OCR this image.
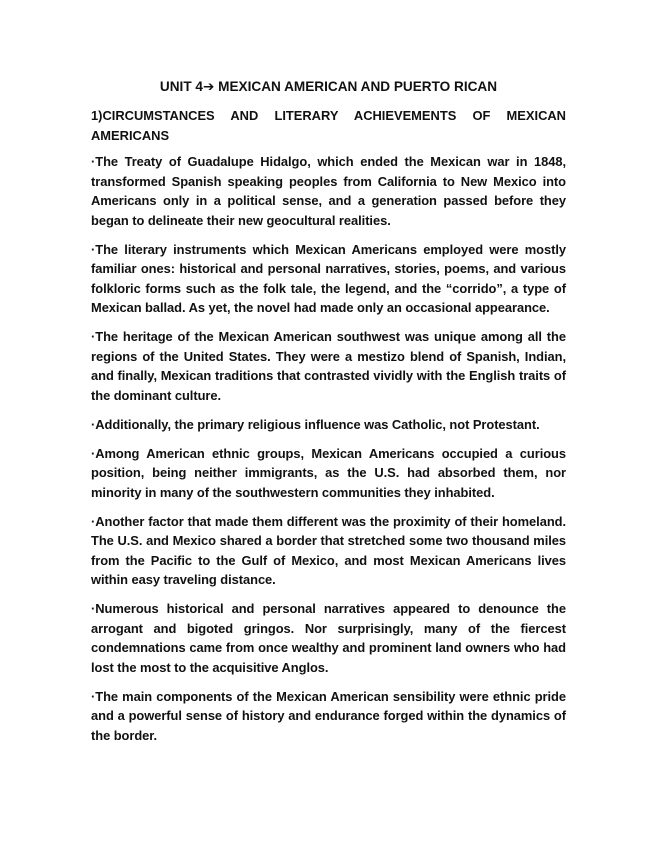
UNIT 4➔ MEXICAN AMERICAN AND PUERTO RICAN
1)CIRCUMSTANCES AND LITERARY ACHIEVEMENTS OF MEXICAN AMERICANS

·The Treaty of Guadalupe Hidalgo, which ended the Mexican war in 1848, transformed Spanish speaking peoples from California to New Mexico into Americans only in a political sense, and a generation passed before they began to delineate their new geocultural realities.

·The literary instruments which Mexican Americans employed were mostly familiar ones: historical and personal narratives, stories, poems, and various folkloric forms such as the folk tale, the legend, and the “corrido”, a type of Mexican ballad. As yet, the novel had made only an occasional appearance.

·The heritage of the Mexican American southwest was unique among all the regions of the United States. They were a mestizo blend of Spanish, Indian, and finally, Mexican traditions that contrasted vividly with the English traits of the dominant culture.

·Additionally, the primary religious influence was Catholic, not Protestant.

·Among American ethnic groups, Mexican Americans occupied a curious position, being neither immigrants, as the U.S. had absorbed them, nor minority in many of the southwestern communities they inhabited.

·Another factor that made them different was the proximity of their homeland. The U.S. and Mexico shared a border that stretched some two thousand miles from the Pacific to the Gulf of Mexico, and most Mexican Americans lives within easy traveling distance.

·Numerous historical and personal narratives appeared to denounce the arrogant and bigoted gringos. Nor surprisingly, many of the fiercest condemnations came from once wealthy and prominent land owners who had lost the most to the acquisitive Anglos.

·The main components of the Mexican American sensibility were ethnic pride and a powerful sense of history and endurance forged within the dynamics of the border.
